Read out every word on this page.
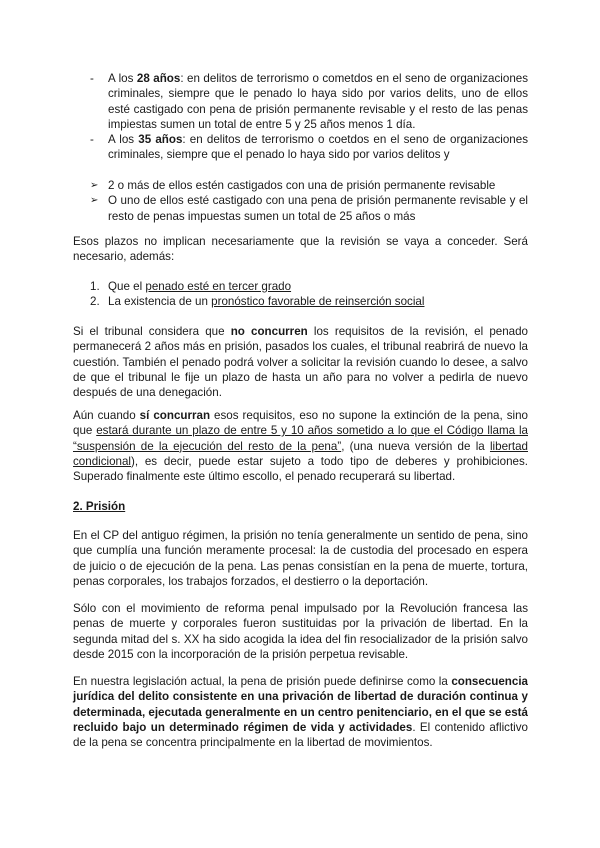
- A los 28 años: en delitos de terrorismo o cometdos en el seno de organizaciones criminales, siempre que le penado lo haya sido por varios delits, uno de ellos esté castigado con pena de prisión permanente revisable y el resto de las penas impiestas sumen un total de entre 5 y 25 años menos 1 día.
- A los 35 años: en delitos de terrorismo o coetdos en el seno de organizaciones criminales, siempre que el penado lo haya sido por varios delitos y
➢ 2 o más de ellos estén castigados con una de prisión permanente revisable
➢ O uno de ellos esté castigado con una pena de prisión permanente revisable y el resto de penas impuestas sumen un total de 25 años o más

Esos plazos no implican necesariamente que la revisión se vaya a conceder. Será necesario, además:

1. Que el penado esté en tercer grado
2. La existencia de un pronóstico favorable de reinserción social

Si el tribunal considera que no concurren los requisitos de la revisión, el penado permanecerá 2 años más en prisión, pasados los cuales, el tribunal reabrirá de nuevo la cuestión. También el penado podrá volver a solicitar la revisión cuando lo desee, a salvo de que el tribunal le fije un plazo de hasta un año para no volver a pedirla de nuevo después de una denegación.

Aún cuando sí concurran esos requisitos, eso no supone la extinción de la pena, sino que estará durante un plazo de entre 5 y 10 años sometido a lo que el Código llama la “suspensión de la ejecución del resto de la pena”, (una nueva versión de la libertad condicional), es decir, puede estar sujeto a todo tipo de deberes y prohibiciones. Superado finalmente este último escollo, el penado recuperará su libertad.

2. Prisión

En el CP del antiguo régimen, la prisión no tenía generalmente un sentido de pena, sino que cumplía una función meramente procesal: la de custodia del procesado en espera de juicio o de ejecución de la pena. Las penas consistían en la pena de muerte, tortura, penas corporales, los trabajos forzados, el destierro o la deportación.

Sólo con el movimiento de reforma penal impulsado por la Revolución francesa las penas de muerte y corporales fueron sustituidas por la privación de libertad. En la segunda mitad del s. XX ha sido acogida la idea del fin resocializador de la prisión salvo desde 2015 con la incorporación de la prisión perpetua revisable.

En nuestra legislación actual, la pena de prisión puede definirse como la consecuencia jurídica del delito consistente en una privación de libertad de duración continua y determinada, ejecutada generalmente en un centro penitenciario, en el que se está recluido bajo un determinado régimen de vida y actividades. El contenido aflictivo de la pena se concentra principalmente en la libertad de movimientos.
